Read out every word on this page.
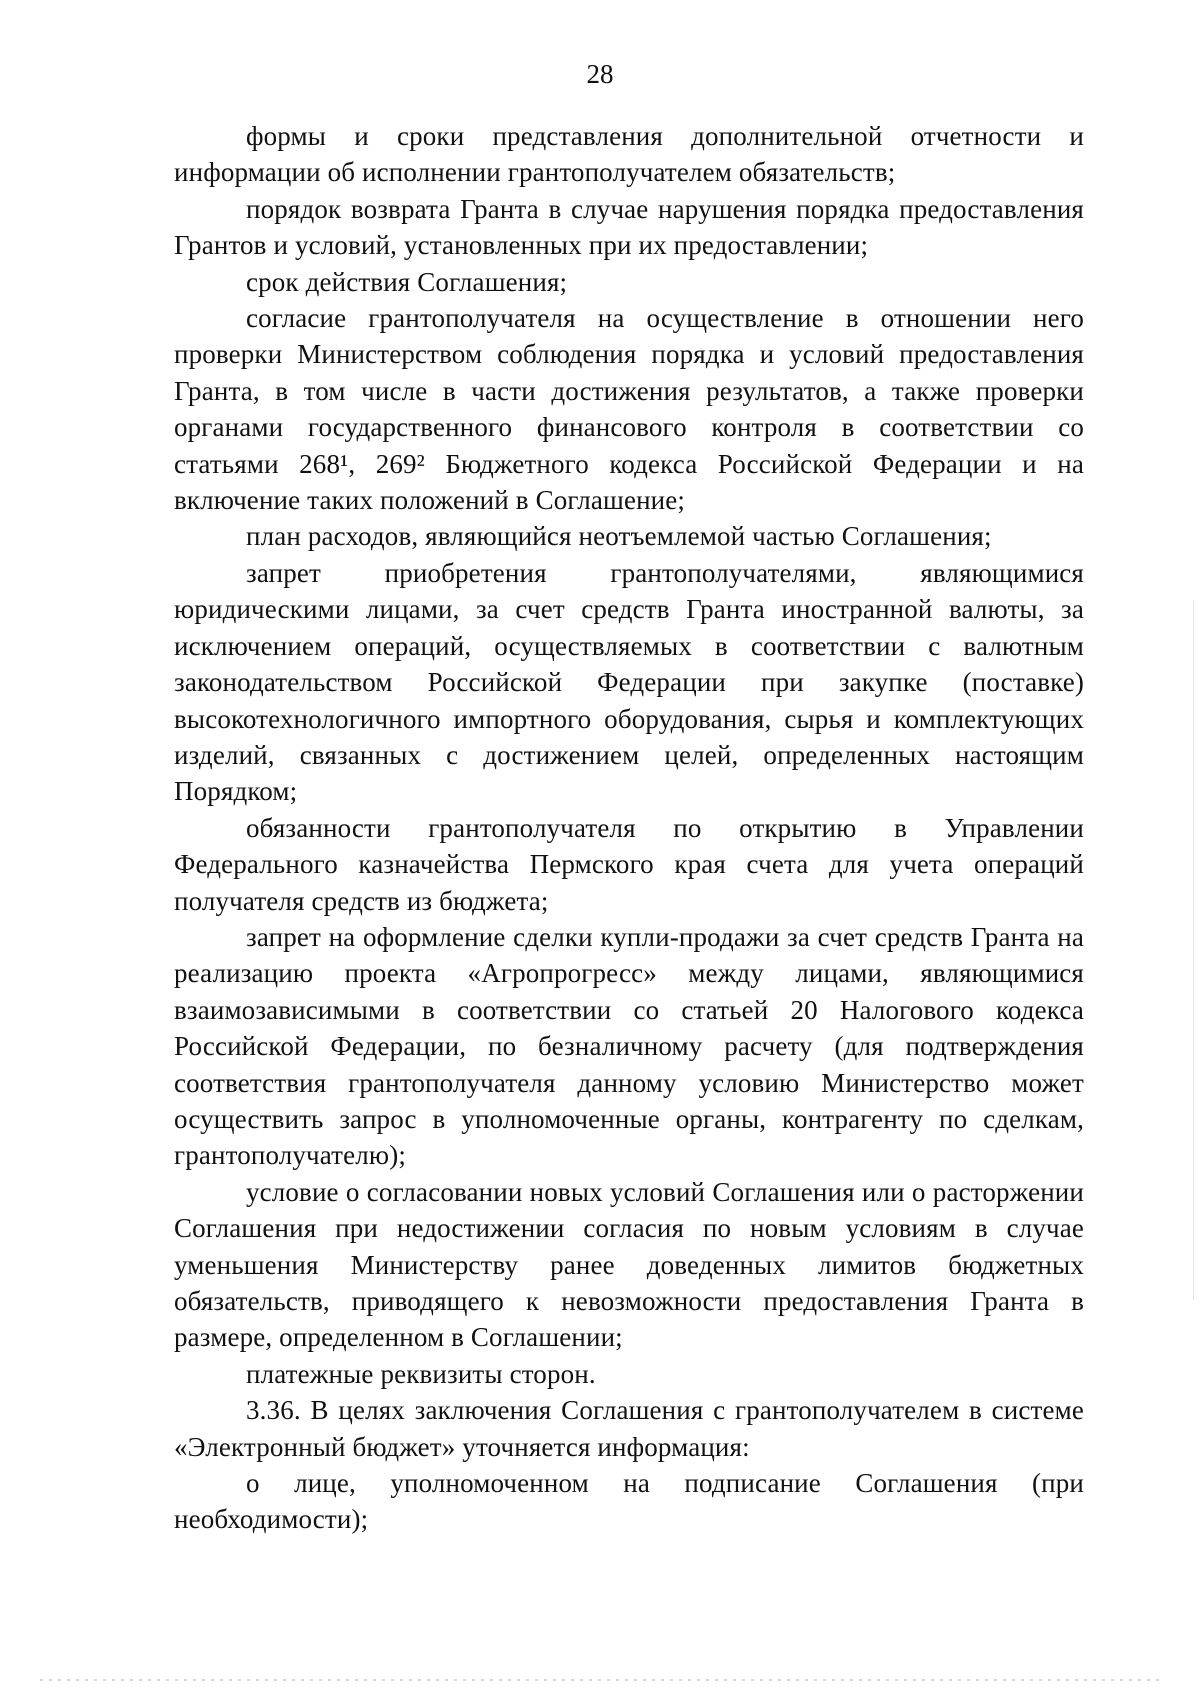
28

формы и сроки представления дополнительной отчетности и информации об исполнении грантополучателем обязательств;

порядок возврата Гранта в случае нарушения порядка предоставления Грантов и условий, установленных при их предоставлении;

срок действия Соглашения;

согласие грантополучателя на осуществление в отношении него проверки Министерством соблюдения порядка и условий предоставления Гранта, в том числе в части достижения результатов, а также проверки органами государственного финансового контроля в соответствии со статьями 268¹, 269² Бюджетного кодекса Российской Федерации и на включение таких положений в Соглашение;

план расходов, являющийся неотъемлемой частью Соглашения;

запрет приобретения грантополучателями, являющимися юридическими лицами, за счет средств Гранта иностранной валюты, за исключением операций, осуществляемых в соответствии с валютным законодательством Российской Федерации при закупке (поставке) высокотехнологичного импортного оборудования, сырья и комплектующих изделий, связанных с достижением целей, определенных настоящим Порядком;

обязанности грантополучателя по открытию в Управлении Федерального казначейства Пермского края счета для учета операций получателя средств из бюджета;

запрет на оформление сделки купли-продажи за счет средств Гранта на реализацию проекта «Агропрогресс» между лицами, являющимися взаимозависимыми в соответствии со статьей 20 Налогового кодекса Российской Федерации, по безналичному расчету (для подтверждения соответствия грантополучателя данному условию Министерство может осуществить запрос в уполномоченные органы, контрагенту по сделкам, грантополучателю);

условие о согласовании новых условий Соглашения или о расторжении Соглашения при недостижении согласия по новым условиям в случае уменьшения Министерству ранее доведенных лимитов бюджетных обязательств, приводящего к невозможности предоставления Гранта в размере, определенном в Соглашении;

платежные реквизиты сторон.

3.36. В целях заключения Соглашения с грантополучателем в системе «Электронный бюджет» уточняется информация:

о лице, уполномоченном на подписание Соглашения (при необходимости);
